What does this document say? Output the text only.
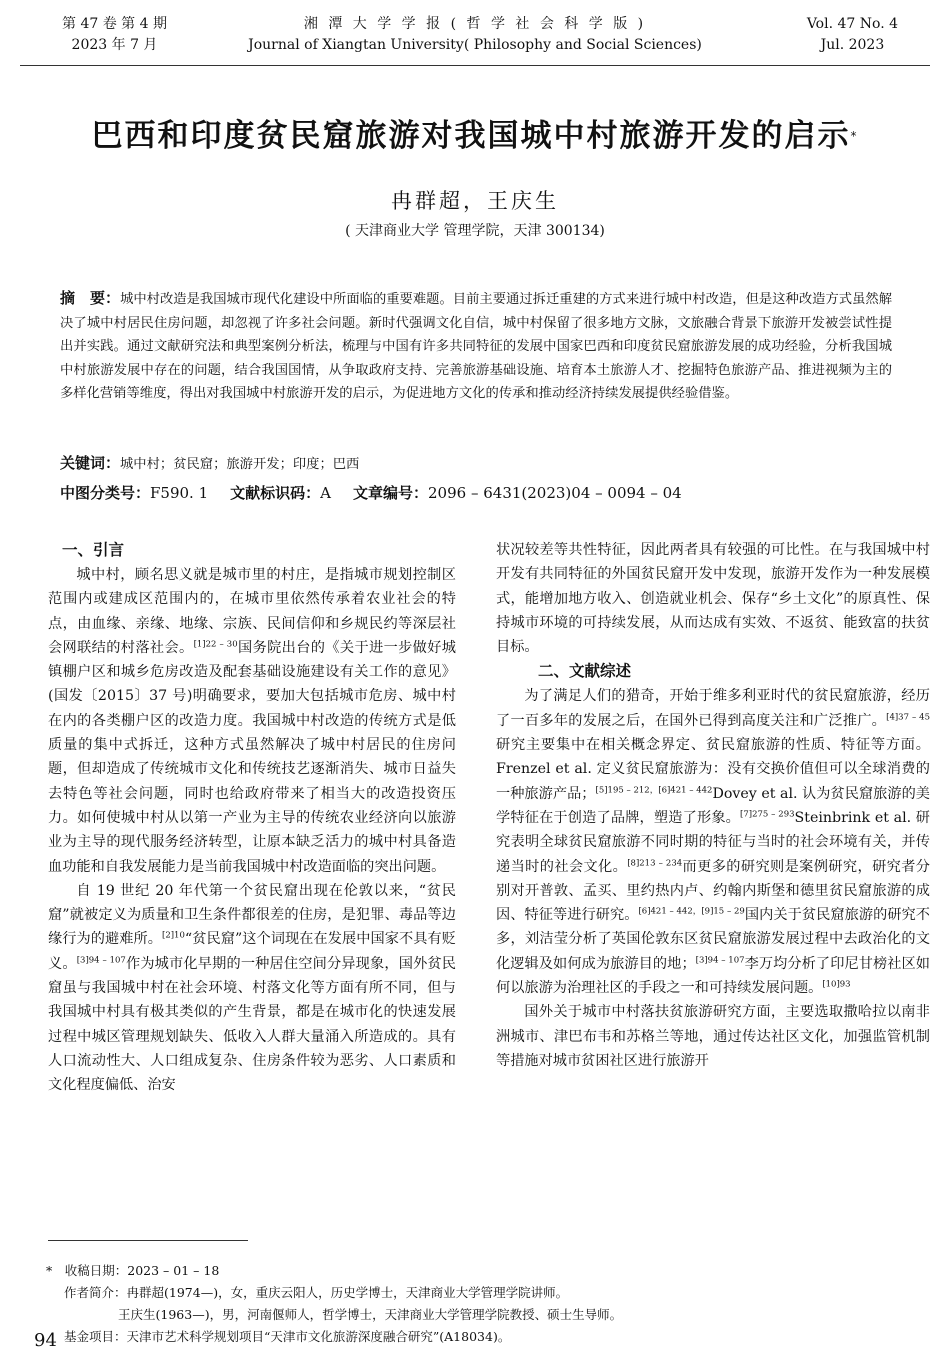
第 47 卷 第 4 期
2023 年 7 月
湘 潭 大 学 学 报 ( 哲 学 社 会 科 学 版 )
Journal of Xiangtan University( Philosophy and Social Sciences)
Vol. 47 No. 4
Jul. 2023
巴西和印度贫民窟旅游对我国城中村旅游开发的启示*
冉群超，王庆生
( 天津商业大学 管理学院，天津 300134)
摘　要：城中村改造是我国城市现代化建设中所面临的重要难题。目前主要通过拆迁重建的方式来进行城中村改造，但是这种改造方式虽然解决了城中村居民住房问题，却忽视了许多社会问题。新时代强调文化自信，城中村保留了很多地方文脉，文旅融合背景下旅游开发被尝试性提出并实践。通过文献研究法和典型案例分析法，梳理与中国有许多共同特征的发展中国家巴西和印度贫民窟旅游发展的成功经验，分析我国城中村旅游发展中存在的问题，结合我国国情，从争取政府支持、完善旅游基础设施、培育本土旅游人才、挖掘特色旅游产品、推进视频为主的多样化营销等维度，得出对我国城中村旅游开发的启示，为促进地方文化的传承和推动经济持续发展提供经验借鉴。
关键词：城中村；贫民窟；旅游开发；印度；巴西
中图分类号：F590. 1 文献标识码：A 文章编号：2096 – 6431(2023)04 – 0094 – 04
一、引言

城中村，顾名思义就是城市里的村庄，是指城市规划控制区范围内或建成区范围内的，在城市里依然传承着农业社会的特点，由血缘、亲缘、地缘、宗族、民间信仰和乡规民约等深层社会网联结的村落社会。$^{[1]22 - 30}$国务院出台的《关于进一步做好城镇棚户区和城乡危房改造及配套基础设施建设有关工作的意见》(国发〔2015〕37 号)明确要求，要加大包括城市危房、城中村在内的各类棚户区的改造力度。我国城中村改造的传统方式是低质量的集中式拆迁，这种方式虽然解决了城中村居民的住房问题，但却造成了传统城市文化和传统技艺逐渐消失、城市日益失去特色等社会问题，同时也给政府带来了相当大的改造投资压力。如何使城中村从以第一产业为主导的传统农业经济向以旅游业为主导的现代服务经济转型，让原本缺乏活力的城中村具备造血功能和自我发展能力是当前我国城中村改造面临的突出问题。

自 19 世纪 20 年代第一个贫民窟出现在伦敦以来，“贫民窟”就被定义为质量和卫生条件都很差的住房，是犯罪、毒品等边缘行为的避难所。$^{[2]10}$“贫民窟”这个词现在在发展中国家不具有贬义。$^{[3]94 - 107}$作为城市化早期的一种居住空间分异现象，国外贫民窟虽与我国城中村在社会环境、村落文化等方面有所不同，但与我国城中村具有极其类似的产生背景，都是在城市化的快速发展过程中城区管理规划缺失、低收入人群大量涌入所造成的。具有人口流动性大、人口组成复杂、住房条件较为恶劣、人口素质和文化程度偏低、治安

状况较差等共性特征，因此两者具有较强的可比性。在与我国城中村开发有共同特征的外国贫民窟开发中发现，旅游开发作为一种发展模式，能增加地方收入、创造就业机会、保存“乡土文化”的原真性、保持城市环境的可持续发展，从而达成有实效、不返贫、能致富的扶贫目标。

二、文献综述

为了满足人们的猎奇，开始于维多利亚时代的贫民窟旅游，经历了一百多年的发展之后，在国外已得到高度关注和广泛推广。$^{[4]37 - 45}$研究主要集中在相关概念界定、贫民窟旅游的性质、特征等方面。Frenzel et al. 定义贫民窟旅游为：没有交换价值但可以全球消费的一种旅游产品；$^{[5]195 - 212,[6]421 - 442}$Dovey et al. 认为贫民窟旅游的美学特征在于创造了品牌，塑造了形象。$^{[7]275 - 293}$Steinbrink et al. 研究表明全球贫民窟旅游不同时期的特征与当时的社会环境有关，并传递当时的社会文化。$^{[8]213 - 234}$而更多的研究则是案例研究，研究者分别对开普敦、孟买、里约热内卢、约翰内斯堡和德里贫民窟旅游的成因、特征等进行研究。$^{[6]421 - 442,[9]15 - 29}$国内关于贫民窟旅游的研究不多，刘洁莹分析了英国伦敦东区贫民窟旅游发展过程中去政治化的文化逻辑及如何成为旅游目的地；$^{[3]94 - 107}$李万均分析了印尼甘榜社区如何以旅游为治理社区的手段之一和可持续发展问题。$^{[10]93}$

国外关于城市中村落扶贫旅游研究方面，主要选取撒哈拉以南非洲城市、津巴布韦和苏格兰等地，通过传达社区文化，加强监管机制等措施对城市贫困社区进行旅游开

*　收稿日期：2023 – 01 – 18
作者简介：冉群超(1974—)，女，重庆云阳人，历史学博士，天津商业大学管理学院讲师。
王庆生(1963—)，男，河南偃师人，哲学博士，天津商业大学管理学院教授、硕士生导师。
基金项目：天津市艺术科学规划项目“天津市文化旅游深度融合研究”(A18034)。
94
